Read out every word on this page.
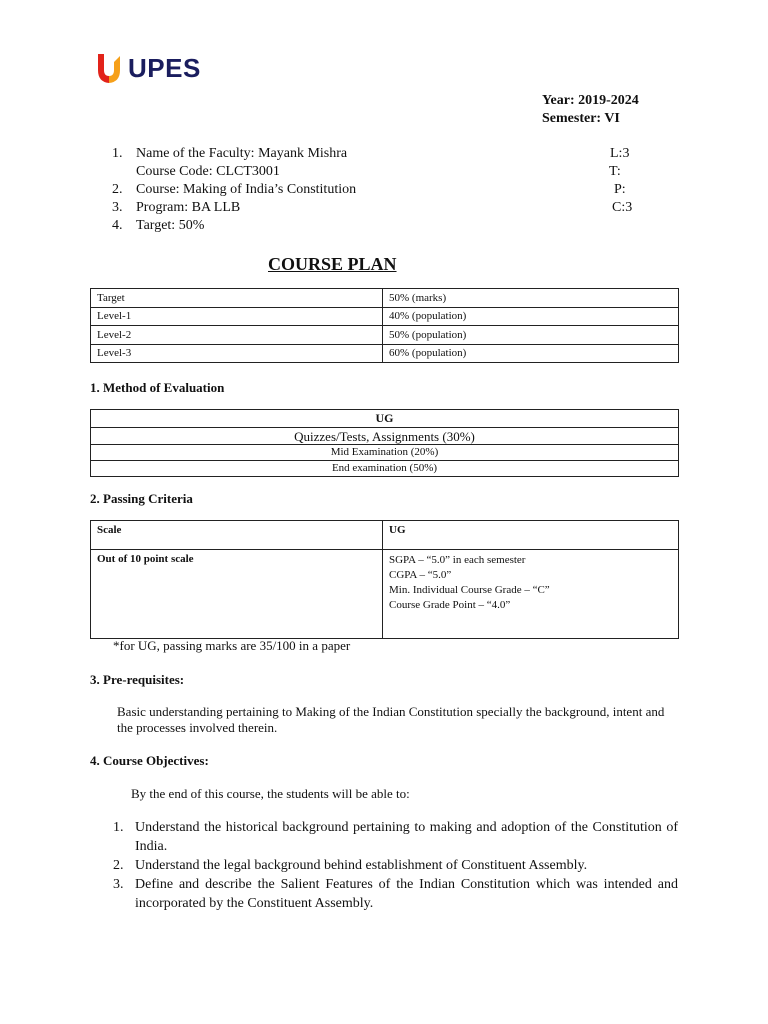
UPES
Year: 2019-2024
Semester: VI
1. Name of the Faculty: Mayank Mishra	L:3
Course Code: CLCT3001	T:
2. Course: Making of India’s Constitution	P:
3. Program: BA LLB	C:3
4. Target: 50%
COURSE PLAN
Target	50% (marks)
Level-1	40% (population)
Level-2	50% (population)
Level-3	60% (population)
1. Method of Evaluation
UG
Quizzes/Tests, Assignments (30%)
Mid Examination (20%)
End examination (50%)
2. Passing Criteria
Scale	UG
Out of 10 point scale	SGPA – “5.0” in each semester
CGPA – “5.0”
Min. Individual Course Grade – “C”
Course Grade Point – “4.0”
*for UG, passing marks are 35/100 in a paper
3. Pre-requisites:
Basic understanding pertaining to Making of the Indian Constitution specially the background, intent and the processes involved therein.
4. Course Objectives:
By the end of this course, the students will be able to:
1. Understand the historical background pertaining to making and adoption of the Constitution of India.
2. Understand the legal background behind establishment of Constituent Assembly.
3. Define and describe the Salient Features of the Indian Constitution which was intended and incorporated by the Constituent Assembly.
